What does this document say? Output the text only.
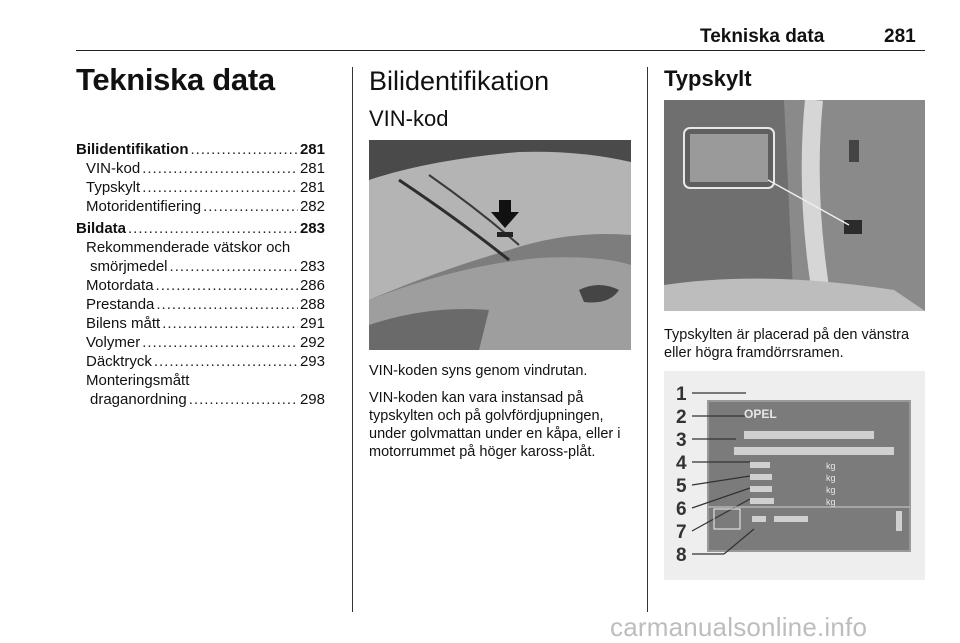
Tekniska data	281
Tekniska data
Bilidentifikation .....	281
VIN-kod .....	281
Typskylt .....	281
Motoridentifiering .....	282
Bildata .....	283
Rekommenderade vätskor och
smörjmedel .....	283
Motordata .....	286
Prestanda .....	288
Bilens mått .....	291
Volymer .....	292
Däcktryck .....	293
Monteringsmått
draganordning .....	298
Bilidentifikation
VIN-kod
VIN-koden syns genom vindrutan.
VIN-koden kan vara instansad på typskylten och på golvfördjupningen, under golvmattan under en kåpa, eller i motorrummet på höger kaross-plåt.
Typskylt
Typskylten är placerad på den vänstra eller högra framdörrsramen.
1
2
3
4
5
6
7
8
OPEL
kg
kg
kg
kg
carmanualsonline.info
